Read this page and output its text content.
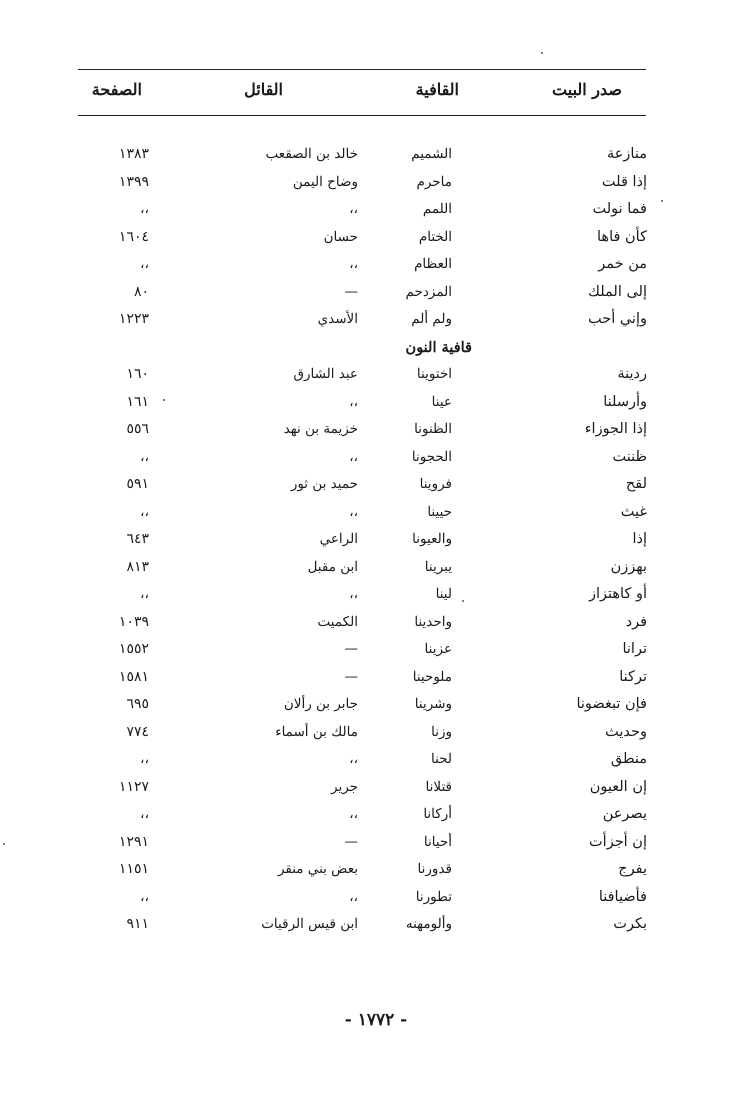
صدر البيت
القافية
القائل
الصفحة
منازعة
الشميم
خالد بن الصقعب
١٣٨٣
إذا قلت
ماحرم
وضاح اليمن
١٣٩٩
فما نولت
اللمم
،،
،،
كأن فاها
الختام
حسان
١٦٠٤
من خمر
العظام
،،
،،
إلى الملك
المزدحم
—
٨٠
وإني أحب
ولم ألم
الأسدي
١٢٢٣
قافية النون
ردينة
اختوينا
عبد الشارق
١٦٠
وأرسلنا
عينا
،،
١٦١
إذا الجوزاء
الظنونا
خزيمة بن نهد
٥٥٦
ظننت
الحجونا
،،
،،
لقح
فروينا
حميد بن ثور
٥٩١
غيث
حيينا
،،
،،
إذا
والعيونا
الراعي
٦٤٣
بهززن
يبرينا
ابن مقبل
٨١٣
أو كاهتزاز
لينا
،،
،،
فرد
واحدينا
الكميت
١٠٣٩
ترانا
عزينا
—
١٥٥٢
تركنا
ملوحينا
—
١٥٨١
فإن تبغضونا
وشرينا
جابر بن رألان
٦٩٥
وحديث
وزنا
مالك بن أسماء
٧٧٤
منطق
لحنا
،،
،،
إن العيون
قتلانا
جرير
١١٢٧
يصرعن
أركانا
،،
،،
إن أجزأت
أحيانا
—
١٢٩١
يفرج
قدورنا
بعض بني منقر
١١٥١
فأضيافنا
تطورنا
،،
،،
بكرت
وألومهنه
ابن قيس الرقيات
٩١١
- ١٧٧٢ -
